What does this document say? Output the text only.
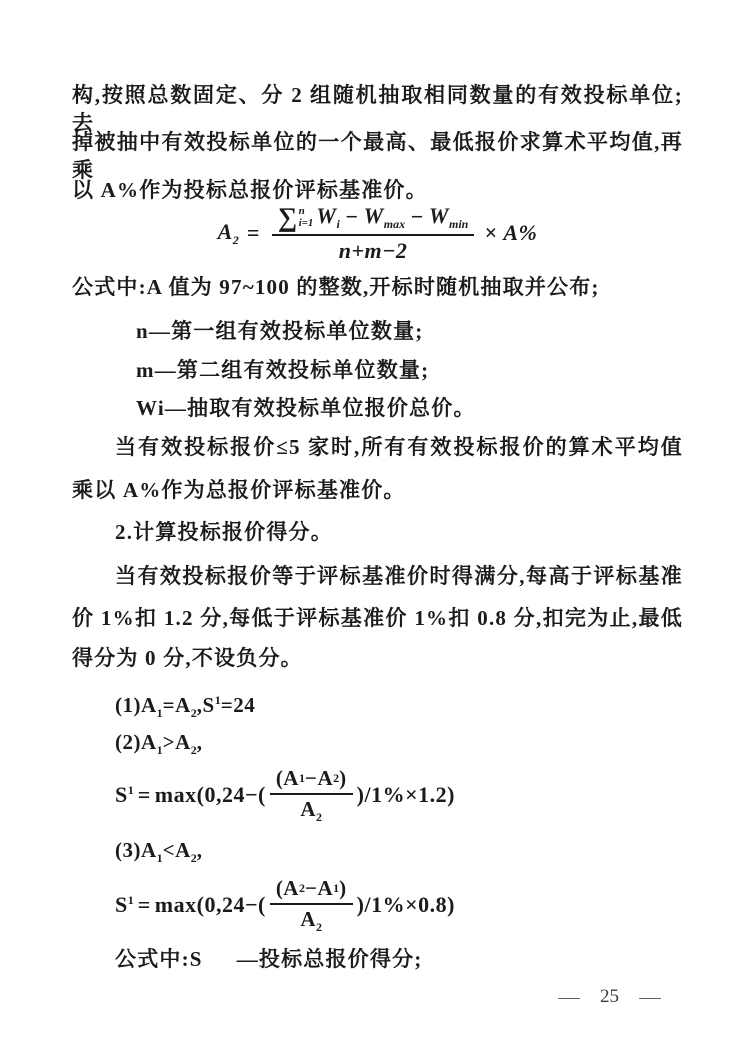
构,按照总数固定、分 2 组随机抽取相同数量的有效投标单位;去
掉被抽中有效投标单位的一个最高、最低报价求算术平均值,再乘
以 A%作为投标总报价评标基准价。
$A_2$ =
∑ n
i=1 $W_i - W_{max} - W_{min}$
n+m−2
× A%
公式中:A 值为 97~100 的整数,开标时随机抽取并公布;
n—第一组有效投标单位数量;
m—第二组有效投标单位数量;
Wi—抽取有效投标单位报价总价。
当有效投标报价≤5 家时,所有有效投标报价的算术平均值
乘以 A%作为总报价评标基准价。
2.计算投标报价得分。
当有效投标报价等于评标基准价时得满分,每高于评标基准
价 1%扣 1.2 分,每低于评标基准价 1%扣 0.8 分,扣完为止,最低
得分为 0 分,不设负分。
$(1)A_1=A_2,S^1=24$
$(2)A_1>A_2$,
$S^1 = \max(0,24-( \frac{(A 1 -A 2 )}{A_2} )/1\%\times 1.2)$
$(3)A_1<A_2$,
$S^1 = \max(0,24-( \frac{(A 2 -A 1 )}{A_2} )/1\%\times 0.8)$
公式中:S —投标总报价得分;
— 25 —
